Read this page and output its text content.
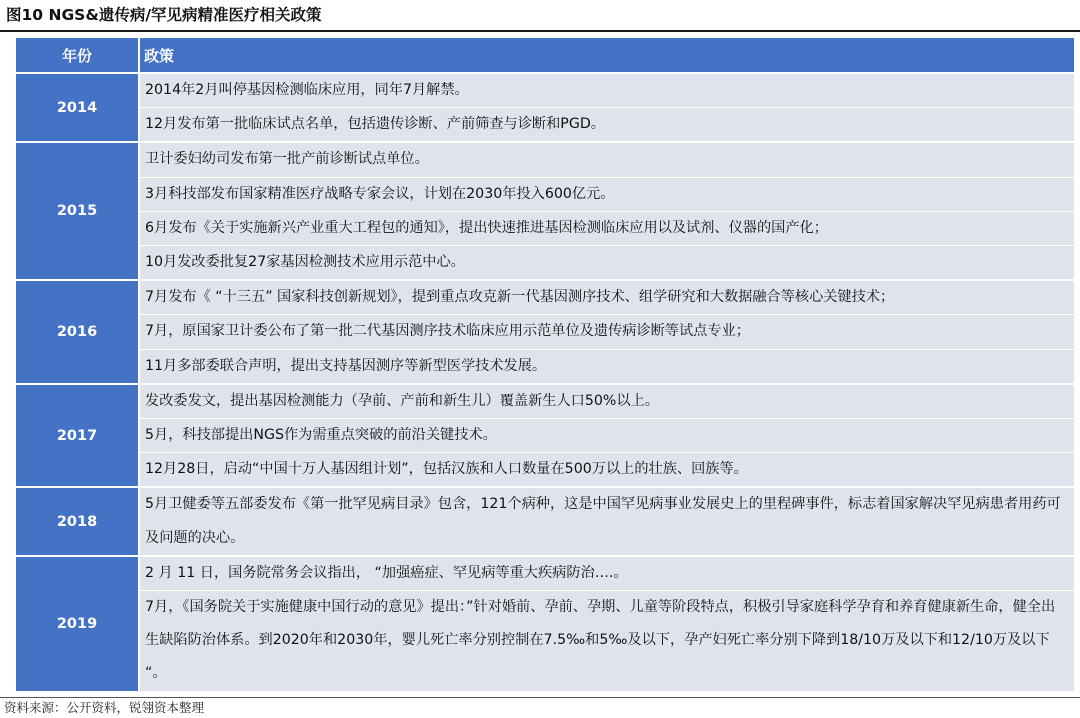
图10 NGS&遗传病/罕见病精准医疗相关政策
年份	政策
2014
2014年2月叫停基因检测临床应用，同年7月解禁。
12月发布第一批临床试点名单，包括遗传诊断、产前筛查与诊断和PGD。
2015
卫计委妇幼司发布第一批产前诊断试点单位。
3月科技部发布国家精准医疗战略专家会议，计划在2030年投入600亿元。
6月发布《关于实施新兴产业重大工程包的通知》，提出快速推进基因检测临床应用以及试剂、仪器的国产化；
10月发改委批复27家基因检测技术应用示范中心。
2016
7月发布《 “十三五” 国家科技创新规划》，提到重点攻克新一代基因测序技术、组学研究和大数据融合等核心关键技术；
7月，原国家卫计委公布了第一批二代基因测序技术临床应用示范单位及遗传病诊断等试点专业；
11月多部委联合声明，提出支持基因测序等新型医学技术发展。
2017
发改委发文，提出基因检测能力（孕前、产前和新生儿）覆盖新生人口50%以上。
5月，科技部提出NGS作为需重点突破的前沿关键技术。
12月28日，启动“中国十万人基因组计划”，包括汉族和人口数量在500万以上的壮族、回族等。
2018
5月卫健委等五部委发布《第一批罕见病目录》包含，121个病种，这是中国罕见病事业发展史上的里程碑事件，标志着国家解决罕见病患者用药可及问题的决心。
2019
2 月 11 日，国务院常务会议指出， “加强癌症、罕见病等重大疾病防治….。
7月，《国务院关于实施健康中国行动的意见》提出：”针对婚前、孕前、孕期、儿童等阶段特点，积极引导家庭科学孕育和养育健康新生命，健全出生缺陷防治体系。到2020年和2030年，婴儿死亡率分别控制在7.5‰和5‰及以下，孕产妇死亡率分别下降到18/10万及以下和12/10万及以下 “。
资料来源：公开资料，锐翎资本整理
